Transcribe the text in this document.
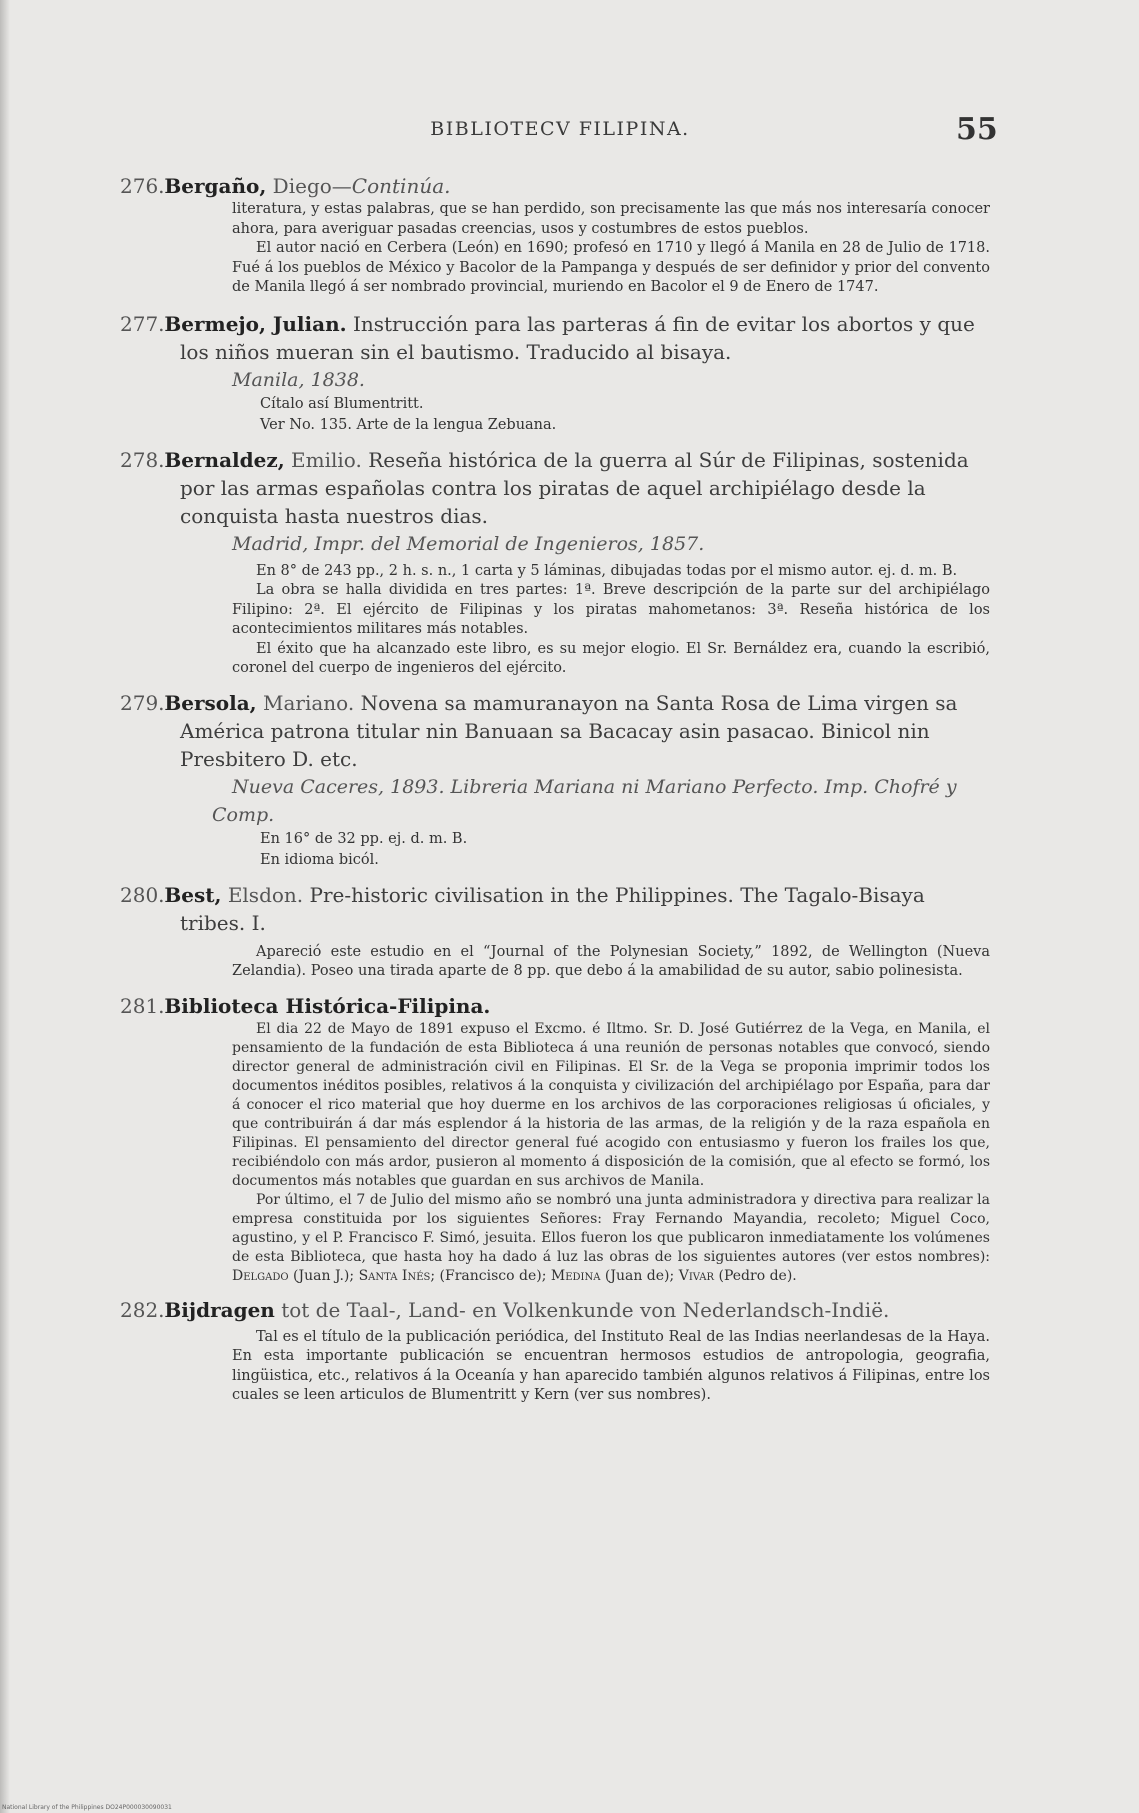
BIBLIOTECV FILIPINA.	55
276. Bergaño, Diego—Continúa.

literatura, y estas palabras, que se han perdido, son precisamente las que más nos interesaría conocer ahora, para averiguar pasadas creencias, usos y costumbres de estos pueblos.

El autor nació en Cerbera (León) en 1690; profesó en 1710 y llegó á Manila en 28 de Julio de 1718. Fué á los pueblos de México y Bacolor de la Pampanga y después de ser definidor y prior del convento de Manila llegó á ser nombrado provincial, muriendo en Bacolor el 9 de Enero de 1747.

277. Bermejo, Julian. Instrucción para las parteras á fin de evitar los abortos y que los niños mueran sin el bautismo. Traducido al bisaya.
Manila, 1838.

Cítalo así Blumentritt.

Ver No. 135. Arte de la lengua Zebuana.

278. Bernaldez, Emilio. Reseña histórica de la guerra al Súr de Filipinas, sostenida por las armas españolas contra los piratas de aquel archipiélago desde la conquista hasta nuestros dias.
Madrid, Impr. del Memorial de Ingenieros, 1857.

En 8° de 243 pp., 2 h. s. n., 1 carta y 5 láminas, dibujadas todas por el mismo autor. ej. d. m. B.

La obra se halla dividida en tres partes: 1ª. Breve descripción de la parte sur del archipiélago Filipino: 2ª. El ejército de Filipinas y los piratas mahometanos: 3ª. Reseña histórica de los acontecimientos militares más notables.

El éxito que ha alcanzado este libro, es su mejor elogio. El Sr. Bernáldez era, cuando la escribió, coronel del cuerpo de ingenieros del ejército.

279. Bersola, Mariano. Novena sa mamuranayon na Santa Rosa de Lima virgen sa América patrona titular nin Banuaan sa Bacacay asin pasacao. Binicol nin Presbitero D. etc.
Nueva Caceres, 1893. Libreria Mariana ni Mariano Perfecto. Imp. Chofré y Comp.

En 16° de 32 pp. ej. d. m. B.

En idioma bicól.

280. Best, Elsdon. Pre-historic civilisation in the Philippines. The Tagalo-Bisaya tribes. I.

Apareció este estudio en el “Journal of the Polynesian Society,” 1892, de Wellington (Nueva Zelandia). Poseo una tirada aparte de 8 pp. que debo á la amabilidad de su autor, sabio polinesista.

281. Biblioteca Histórica-Filipina.

El dia 22 de Mayo de 1891 expuso el Excmo. é Iltmo. Sr. D. José Gutiérrez de la Vega, en Manila, el pensamiento de la fundación de esta Biblioteca á una reunión de personas notables que convocó, siendo director general de administración civil en Filipinas. El Sr. de la Vega se proponia imprimir todos los documentos inéditos posibles, relativos á la conquista y civilización del archipiélago por España, para dar á conocer el rico material que hoy duerme en los archivos de las corporaciones religiosas ú oficiales, y que contribuirán á dar más esplendor á la historia de las armas, de la religión y de la raza española en Filipinas. El pensamiento del director general fué acogido con entusiasmo y fueron los frailes los que, recibiéndolo con más ardor, pusieron al momento á disposición de la comisión, que al efecto se formó, los documentos más notables que guardan en sus archivos de Manila.

Por último, el 7 de Julio del mismo año se nombró una junta administradora y directiva para realizar la empresa constituida por los siguientes Señores: Fray Fernando Mayandia, recoleto; Miguel Coco, agustino, y el P. Francisco F. Simó, jesuita. Ellos fueron los que publicaron inmediatamente los volúmenes de esta Biblioteca, que hasta hoy ha dado á luz las obras de los siguientes autores (ver estos nombres): Delgado (Juan J.); Santa Inés; (Francisco de); Medina (Juan de); Vivar (Pedro de).

282. Bijdragen tot de Taal-, Land- en Volkenkunde von Nederlandsch-Indië.

Tal es el título de la publicación periódica, del Instituto Real de las Indias neerlandesas de la Haya. En esta importante publicación se encuentran hermosos estudios de antropologia, geografia, lingüistica, etc., relativos á la Oceanía y han aparecido también algunos relativos á Filipinas, entre los cuales se leen articulos de Blumentritt y Kern (ver sus nombres).

National Library of the Philippines DO24P000030090031
